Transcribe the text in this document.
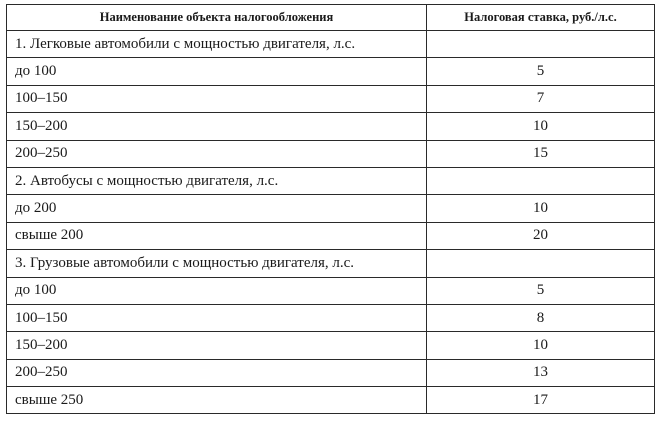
Наименование объекта налогообложения	Налоговая ставка, руб./л.с.
1. Легковые автомобили с мощностью двигателя, л.с.	
до 100	5
100–150	7
150–200	10
200–250	15
2. Автобусы с мощностью двигателя, л.с.	
до 200	10
свыше 200	20
3. Грузовые автомобили с мощностью двигателя, л.с.	
до 100	5
100–150	8
150–200	10
200–250	13
свыше 250	17
